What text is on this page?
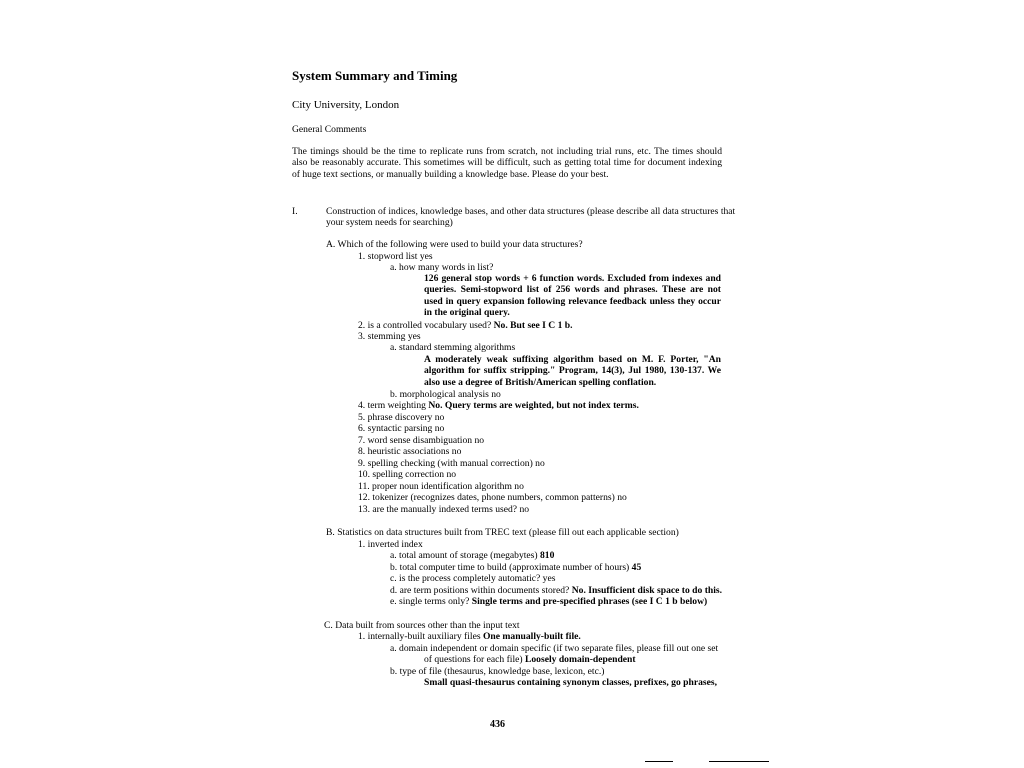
System Summary and Timing
City University, London
General Comments
The timings should be the time to replicate runs from scratch, not including trial runs, etc. The times should also be reasonably accurate. This sometimes will be difficult, such as getting total time for document indexing of huge text sections, or manually building a knowledge base. Please do your best.
I.	Construction of indices, knowledge bases, and other data structures (please describe all data structures that
your system needs for searching)
A. Which of the following were used to build your data structures?
1. stopword list yes
a. how many words in list?
126 general stop words + 6 function words. Excluded from indexes and queries. Semi-stopword list of 256 words and phrases. These are not used in query expansion following relevance feedback unless they occur in the original query.
2. is a controlled vocabulary used? No. But see I C 1 b.
3. stemming yes
a. standard stemming algorithms
A moderately weak suffixing algorithm based on M. F. Porter, "An algorithm for suffix stripping." Program, 14(3), Jul 1980, 130-137. We also use a degree of British/American spelling conflation.
b. morphological analysis no
4. term weighting No. Query terms are weighted, but not index terms.
5. phrase discovery no
6. syntactic parsing no
7. word sense disambiguation no
8. heuristic associations no
9. spelling checking (with manual correction) no
10. spelling correction no
11. proper noun identification algorithm no
12. tokenizer (recognizes dates, phone numbers, common patterns) no
13. are the manually indexed terms used? no
B. Statistics on data structures built from TREC text (please fill out each applicable section)
1. inverted index
a. total amount of storage (megabytes) 810
b. total computer time to build (approximate number of hours) 45
c. is the process completely automatic? yes
d. are term positions within documents stored? No. Insufficient disk space to do this.
e. single terms only? Single terms and pre-specified phrases (see I C 1 b below)
C. Data built from sources other than the input text
1. internally-built auxiliary files One manually-built file.
a. domain independent or domain specific (if two separate files, please fill out one set
of questions for each file) Loosely domain-dependent
b. type of file (thesaurus, knowledge base, lexicon, etc.)
Small quasi-thesaurus containing synonym classes, prefixes, go phrases,
436
